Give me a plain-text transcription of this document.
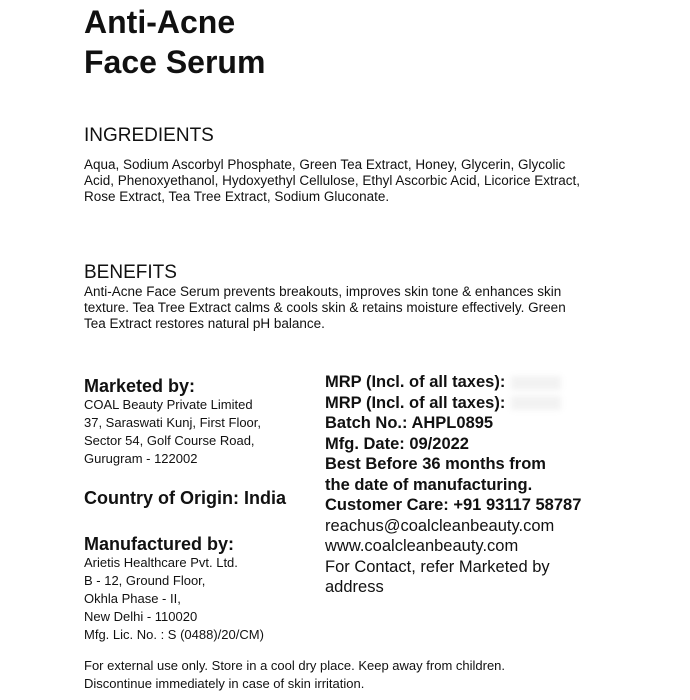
Anti-Acne
Face Serum
INGREDIENTS
Aqua, Sodium Ascorbyl Phosphate, Green Tea Extract, Honey, Glycerin, Glycolic
Acid, Phenoxyethanol, Hydoxyethyl Cellulose, Ethyl Ascorbic Acid, Licorice Extract,
Rose Extract, Tea Tree Extract, Sodium Gluconate.
BENEFITS
Anti-Acne Face Serum prevents breakouts, improves skin tone & enhances skin
texture. Tea Tree Extract calms & cools skin & retains moisture effectively. Green
Tea Extract restores natural pH balance.
Marketed by:
COAL Beauty Private Limited
37, Saraswati Kunj, First Floor,
Sector 54, Golf Course Road,
Gurugram - 122002
Country of Origin: India
Manufactured by:
Arietis Healthcare Pvt. Ltd.
B - 12, Ground Floor,
Okhla Phase - II,
New Delhi - 110020
Mfg. Lic. No. : S (0488)/20/CM)
MRP (Incl. of all taxes):
MRP (Incl. of all taxes):
Batch No.: AHPL0895
Mfg. Date: 09/2022
Best Before 36 months from
the date of manufacturing.
Customer Care: +91 93117 58787
reachus@coalcleanbeauty.com
www.coalcleanbeauty.com
For Contact, refer Marketed by
address
For external use only. Store in a cool dry place. Keep away from children.
Discontinue immediately in case of skin irritation.
